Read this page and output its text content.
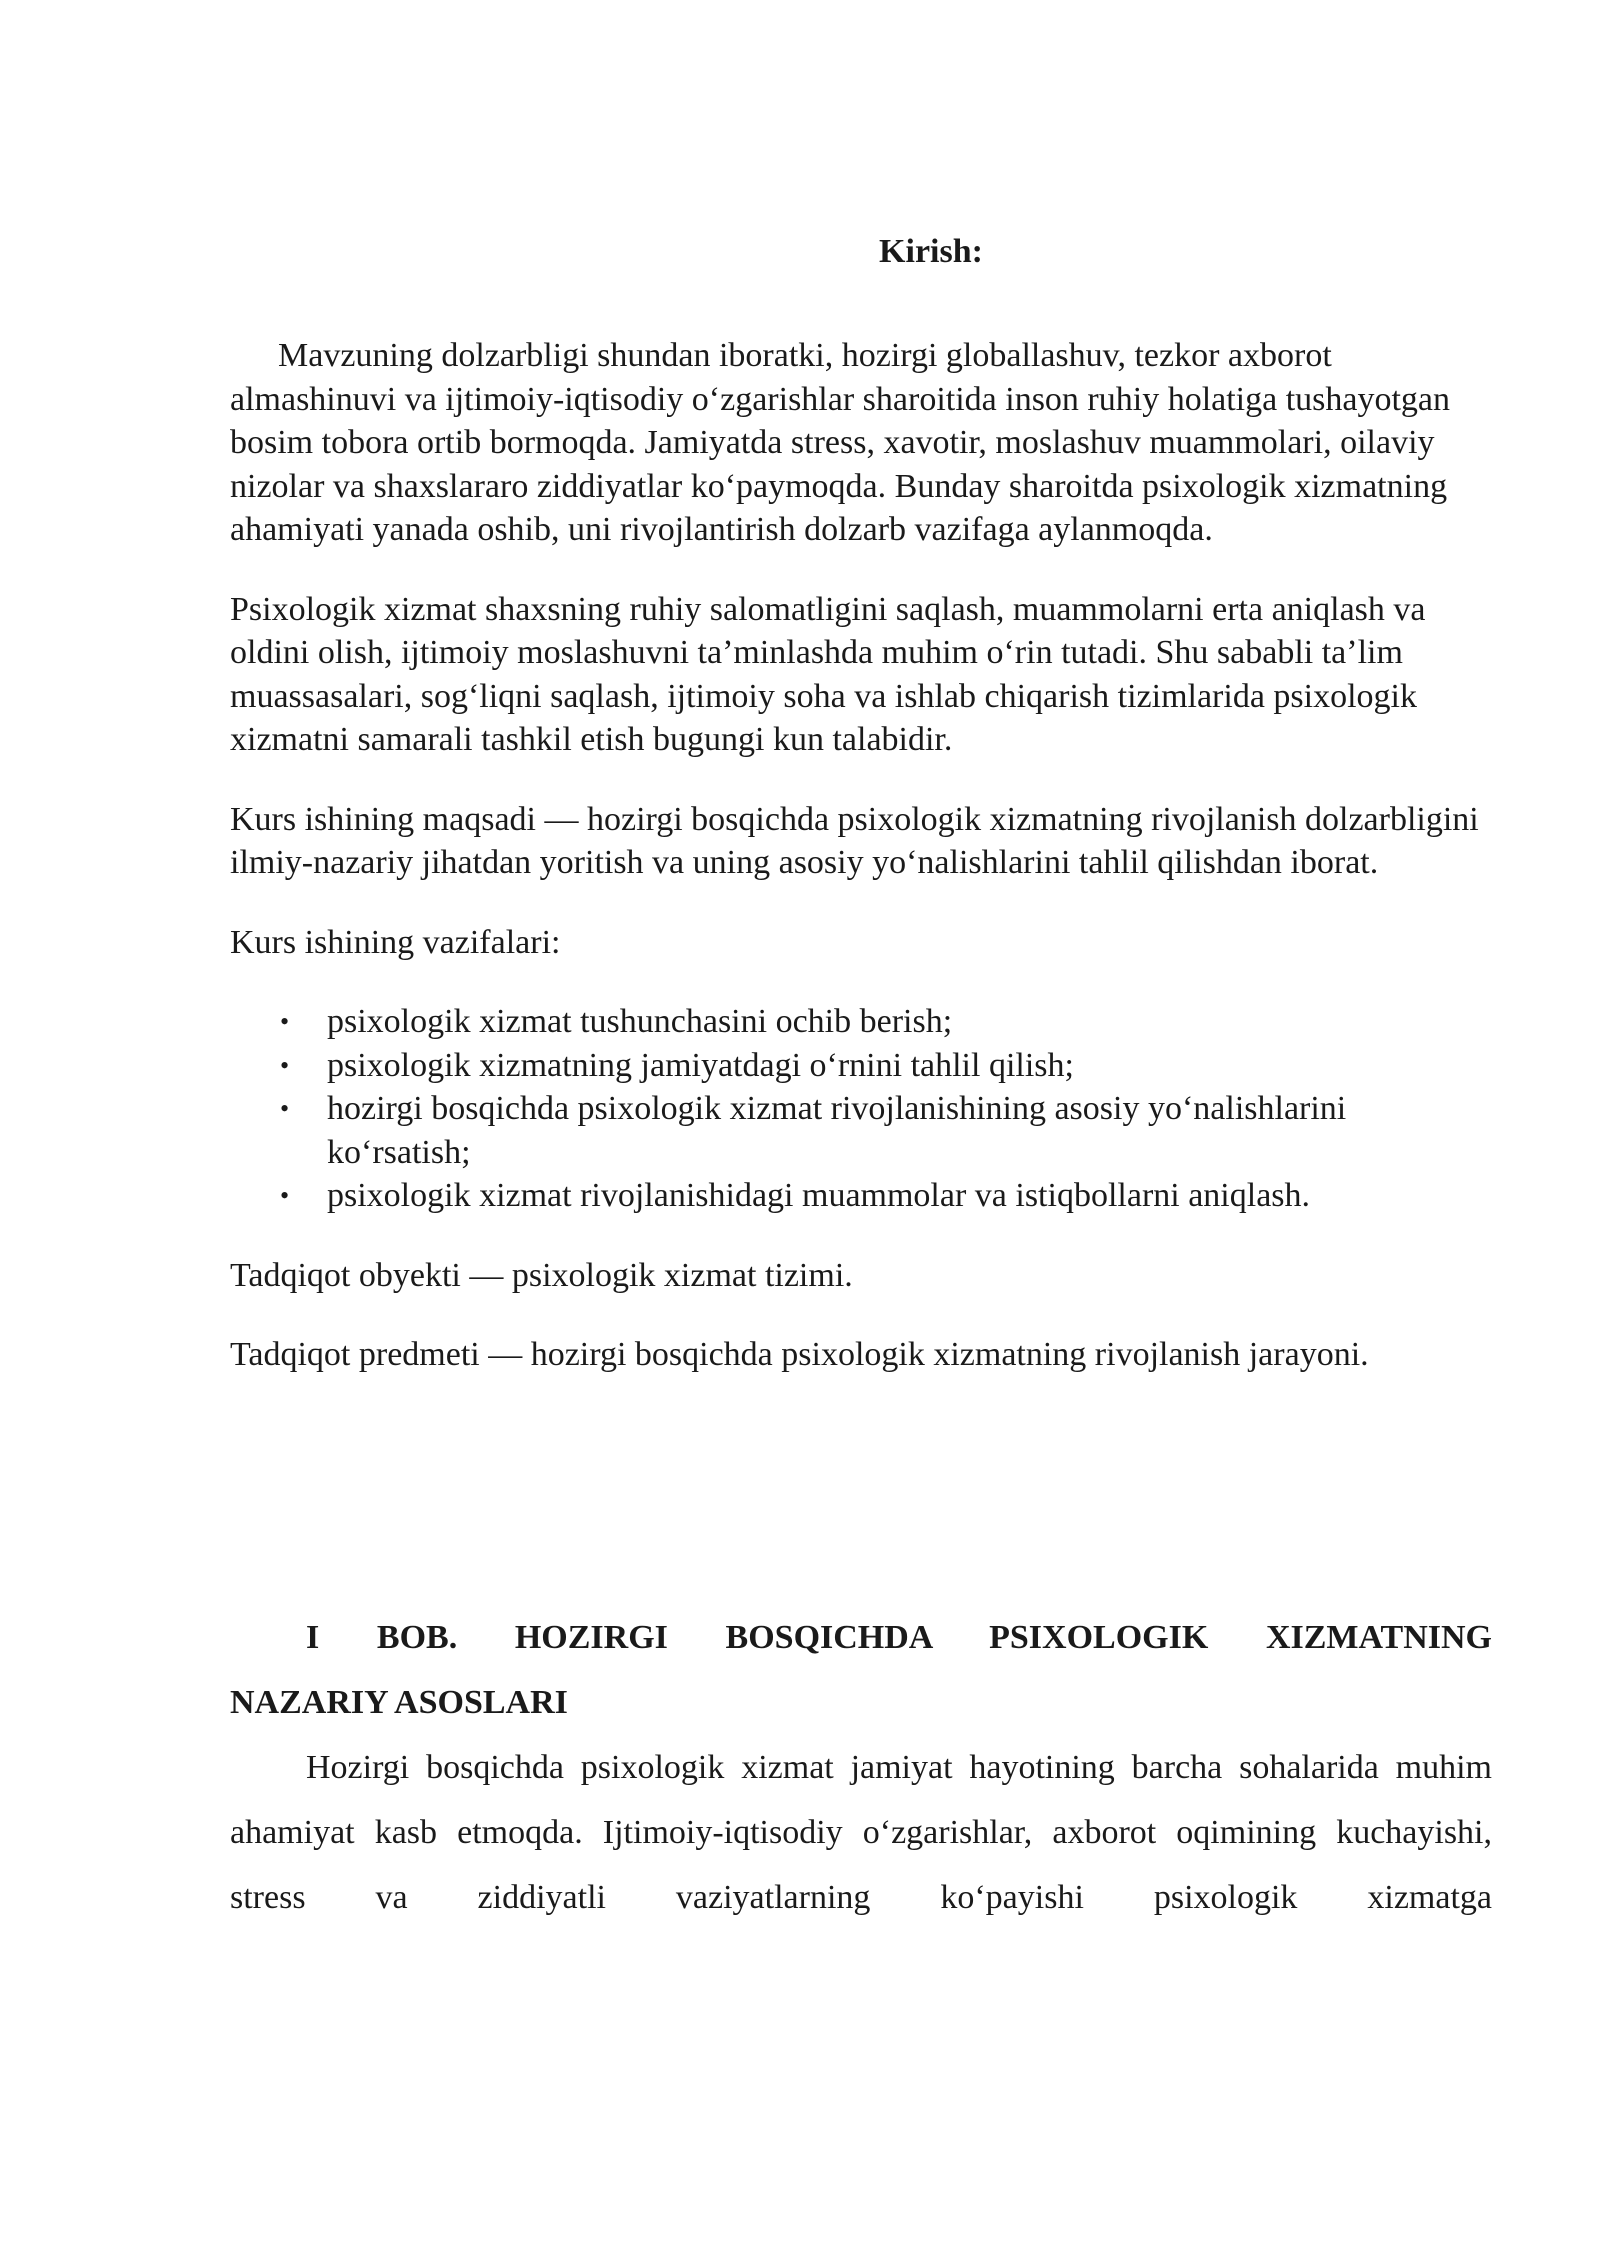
Kirish:

Mavzuning dolzarbligi shundan iboratki, hozirgi globallashuv, tezkor axborot almashinuvi va ijtimoiy-iqtisodiy oʻzgarishlar sharoitida inson ruhiy holatiga tushayotgan bosim tobora ortib bormoqda. Jamiyatda stress, xavotir, moslashuv muammolari, oilaviy nizolar va shaxslararo ziddiyatlar koʻpaymoqda. Bunday sharoitda psixologik xizmatning ahamiyati yanada oshib, uni rivojlantirish dolzarb vazifaga aylanmoqda.

Psixologik xizmat shaxsning ruhiy salomatligini saqlash, muammolarni erta aniqlash va oldini olish, ijtimoiy moslashuvni taʼminlashda muhim oʻrin tutadi. Shu sababli taʼlim muassasalari, sogʻliqni saqlash, ijtimoiy soha va ishlab chiqarish tizimlarida psixologik xizmatni samarali tashkil etish bugungi kun talabidir.

Kurs ishining maqsadi — hozirgi bosqichda psixologik xizmatning rivojlanish dolzarbligini ilmiy-nazariy jihatdan yoritish va uning asosiy yoʻnalishlarini tahlil qilishdan iborat.

Kurs ishining vazifalari:

• psixologik xizmat tushunchasini ochib berish;
• psixologik xizmatning jamiyatdagi oʻrnini tahlil qilish;
• hozirgi bosqichda psixologik xizmat rivojlanishining asosiy yoʻnalishlarini koʻrsatish;
• psixologik xizmat rivojlanishidagi muammolar va istiqbollarni aniqlash.

Tadqiqot obyekti — psixologik xizmat tizimi.

Tadqiqot predmeti — hozirgi bosqichda psixologik xizmatning rivojlanish jarayoni.

I BOB. HOZIRGI BOSQICHDA PSIXOLOGIK XIZMATNING
NAZARIY ASOSLARI

Hozirgi bosqichda psixologik xizmat jamiyat hayotining barcha sohalarida muhim ahamiyat kasb etmoqda. Ijtimoiy-iqtisodiy oʻzgarishlar, axborot oqimining kuchayishi, stress va ziddiyatli vaziyatlarning koʻpayishi psixologik xizmatga
